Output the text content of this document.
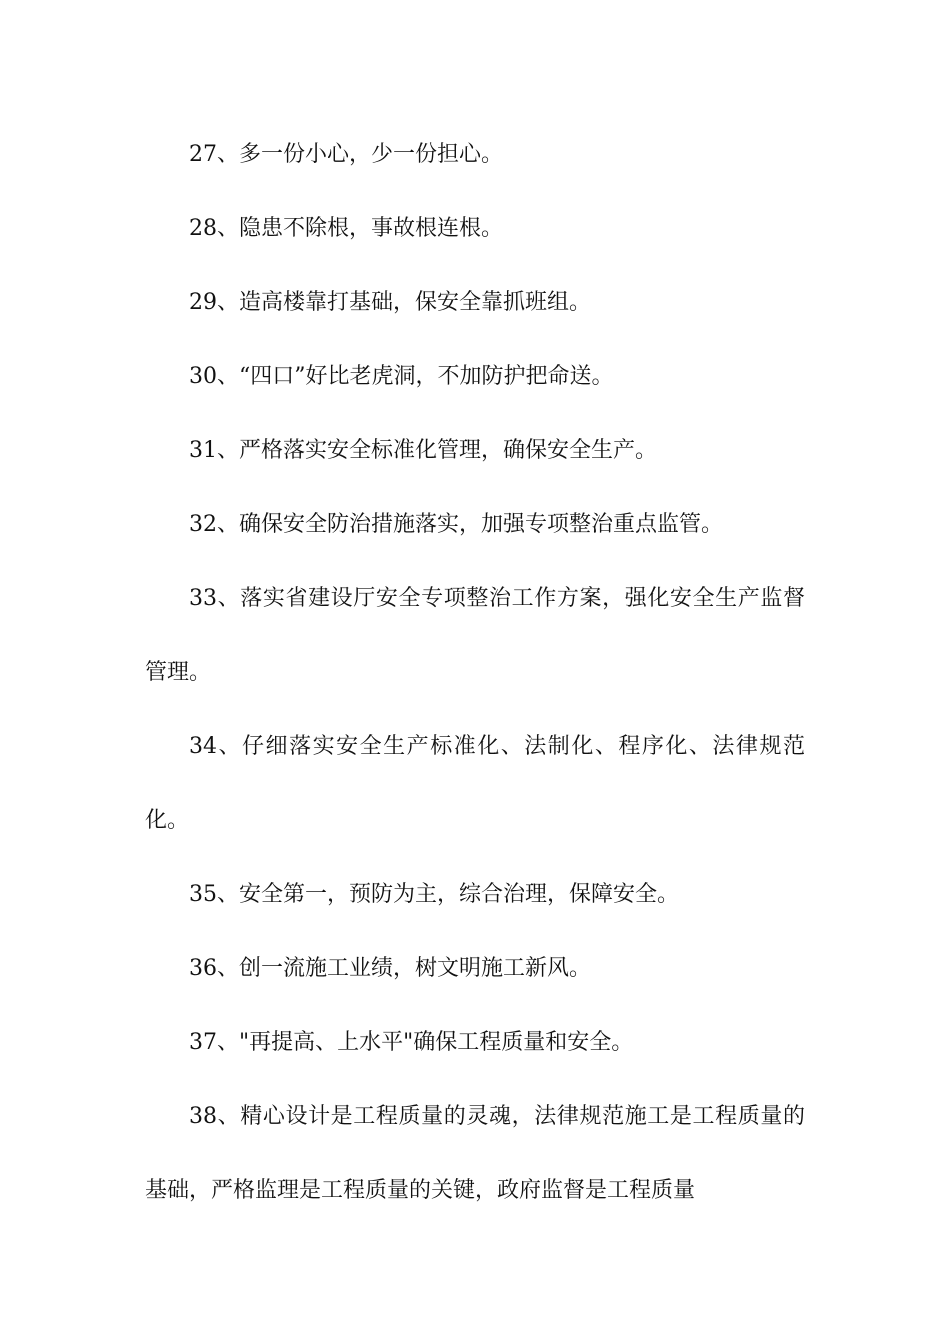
27、多一份小心，少一份担心。

28、隐患不除根，事故根连根。

29、造高楼靠打基础，保安全靠抓班组。

30、“四口”好比老虎洞，不加防护把命送。

31、严格落实安全标准化管理，确保安全生产。

32、确保安全防治措施落实，加强专项整治重点监管。

33、落实省建设厅安全专项整治工作方案，强化安全生产监督管理。

34、仔细落实安全生产标准化、法制化、程序化、法律规范化。

35、安全第一，预防为主，综合治理，保障安全。

36、创一流施工业绩，树文明施工新风。

37、"再提高、上水平"确保工程质量和安全。

38、精心设计是工程质量的灵魂，法律规范施工是工程质量的基础，严格监理是工程质量的关键，政府监督是工程质量
